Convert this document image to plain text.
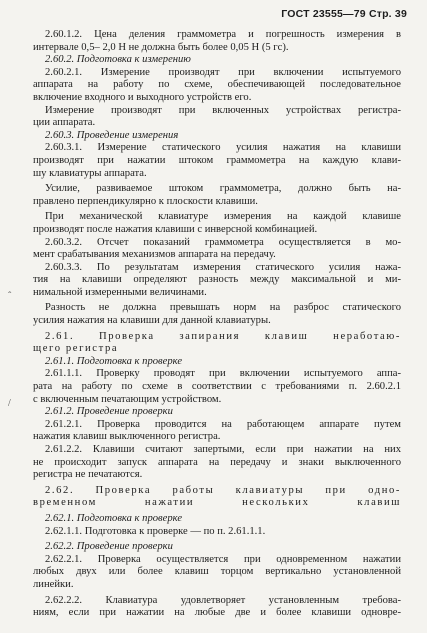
ГОСТ 23555—79 Стр. 39
2.60.1.2. Цена деления граммометра и погрешность измерения в
интервале 0,5– 2,0 Н не должна быть более 0,05 Н (5 гс).
2.60.2. Подготовка к измерению
2.60.2.1. Измерение производят при включении испытуемого
аппарата на работу по схеме, обеспечивающей последовательное
включение входного и выходного устройств его.
Измерение производят при включенных устройствах регистра-
ции аппарата.
2.60.3. Проведение измерения
2.60.3.1. Измерение статического усилия нажатия на клавиши
производят при нажатии штоком граммометра на каждую клави-
шу клавиатуры аппарата.
Усилие, развиваемое штоком граммометра, должно быть на-
правлено перпендикулярно к плоскости клавиши.
При механической клавиатуре измерения на каждой клавише
производят после нажатия клавиши с инверсной комбинацией.
2.60.3.2. Отсчет показаний граммометра осуществляется в мо-
мент срабатывания механизмов аппарата на передачу.
2.60.3.3. По результатам измерения статического усилия нажа-
тия на клавиши определяют разность между максимальной и ми-
нимальной измеренными величинами.
Разность не должна превышать норм на разброс статического
усилия нажатия на клавиши для данной клавиатуры.
2.61. Проверка запирания клавиш неработаю-
щего регистра
2.61.1. Подготовка к проверке
2.61.1.1. Проверку проводят при включении испытуемого аппа-
рата на работу по схеме в соответствии с требованиями п. 2.60.2.1
с включенным печатающим устройством.
2.61.2. Проведение проверки
2.61.2.1. Проверка проводится на работающем аппарате путем
нажатия клавиш выключенного регистра.
2.61.2.2. Клавиши считают запертыми, если при нажатии на них
не происходит запуск аппарата на передачу и знаки выключенного
регистра не печатаются.
2.62. Проверка работы клавиатуры при одно-
временном нажатии нескольких клавиш
2.62.1. Подготовка к проверке
2.62.1.1. Подготовка к проверке — по п. 2.61.1.1.
2.62.2. Проведение проверки
2.62.2.1. Проверка осуществляется при одновременном нажатии
любых двух или более клавиш торцом вертикально установленной
линейки.
2.62.2.2. Клавиатура удовлетворяет установленным требова-
ниям, если при нажатии на любые две и более клавиши одновре-
/
ˆ
